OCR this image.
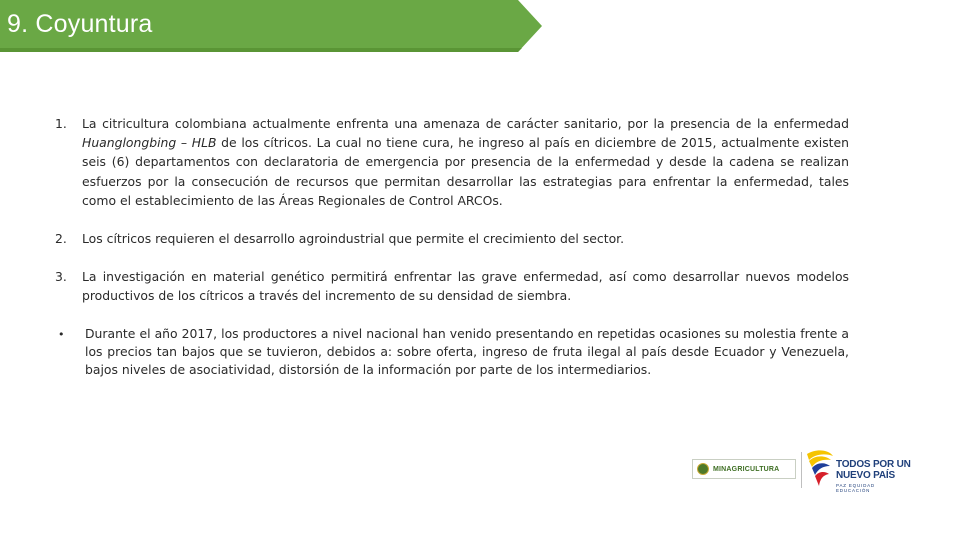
9. Coyuntura
1.	La citricultura colombiana actualmente enfrenta una amenaza de carácter sanitario, por la presencia de la enfermedad Huanglongbing – HLB de los cítricos. La cual no tiene cura, he ingreso al país en diciembre de 2015, actualmente existen seis (6) departamentos con declaratoria de emergencia por presencia de la enfermedad y desde la cadena se realizan esfuerzos por la consecución de recursos que permitan desarrollar las estrategias para enfrentar la enfermedad, tales como el establecimiento de las Áreas Regionales de Control ARCOs.
2.	Los cítricos requieren el desarrollo agroindustrial que permite el crecimiento del sector.
3.	La investigación en material genético permitirá enfrentar las grave enfermedad, así como desarrollar nuevos modelos productivos de los cítricos a través del incremento de su densidad de siembra.
•	Durante el año 2017, los productores a nivel nacional han venido presentando en repetidas ocasiones su molestia frente a los precios tan bajos que se tuvieron, debidos a: sobre oferta, ingreso de fruta ilegal al país desde Ecuador y Venezuela, bajos niveles de asociatividad, distorsión de la información por parte de los intermediarios.
MINAGRICULTURA	TODOS POR UN
NUEVO PAÍS
PAZ EQUIDAD EDUCACIÓN
